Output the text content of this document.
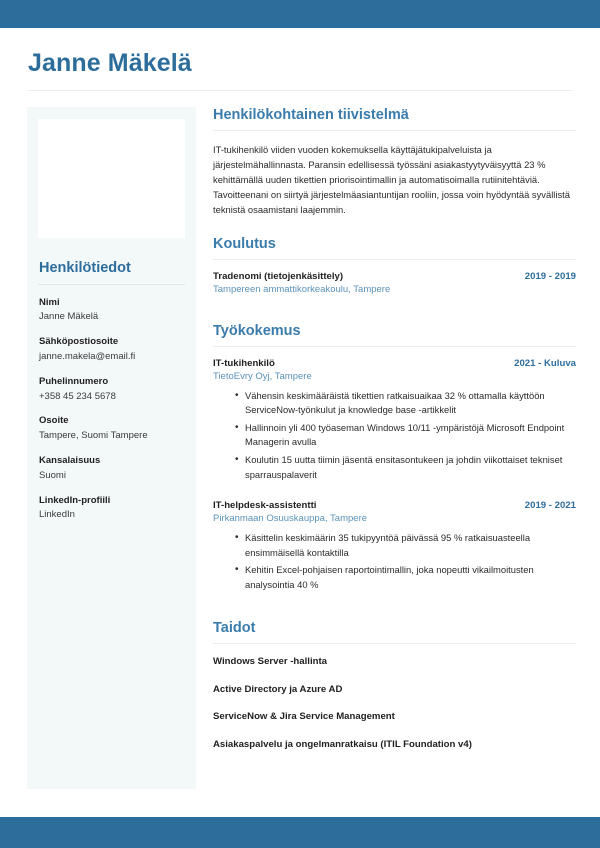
Janne Mäkelä
Henkilötiedot
Nimi
Janne Mäkelä
Sähköpostiosoite
janne.makela@email.fi
Puhelinnumero
+358 45 234 5678
Osoite
Tampere, Suomi Tampere
Kansalaisuus
Suomi
LinkedIn-profiili
LinkedIn
Henkilökohtainen tiivistelmä

IT-tukihenkilö viiden vuoden kokemuksella käyttäjätukipalveluista ja järjestelmähallinnasta. Paransin edellisessä työssäni asiakastyytyväisyyttä 23 % kehittämällä uuden tikettien priorisointimallin ja automatisoimalla rutiinitehtäviä. Tavoitteenani on siirtyä järjestelmäasiantuntijan rooliin, jossa voin hyödyntää syvällistä teknistä osaamistani laajemmin.

Koulutus
Tradenomi (tietojenkäsittely)	2019 - 2019
Tampereen ammattikorkeakoulu, Tampere
Työkokemus
IT-tukihenkilö	2021 - Kuluva
TietoEvry Oyj, Tampere
• Vähensin keskimääräistä tikettien ratkaisuaikaa 32 % ottamalla käyttöön ServiceNow-työnkulut ja knowledge base -artikkelit
• Hallinnoin yli 400 työaseman Windows 10/11 -ympäristöjä Microsoft Endpoint Managerin avulla
• Koulutin 15 uutta tiimin jäsentä ensitasontukeen ja johdin viikottaiset tekniset sparrauspalaverit
IT-helpdesk-assistentti	2019 - 2021
Pirkanmaan Osuuskauppa, Tampere
• Käsittelin keskimäärin 35 tukipyyntöä päivässä 95 % ratkaisuasteella ensimmäisellä kontaktilla
• Kehitin Excel-pohjaisen raportointimallin, joka nopeutti vikailmoitusten analysointia 40 %
Taidot
Windows Server -hallinta
Active Directory ja Azure AD
ServiceNow & Jira Service Management
Asiakaspalvelu ja ongelmanratkaisu (ITIL Foundation v4)
